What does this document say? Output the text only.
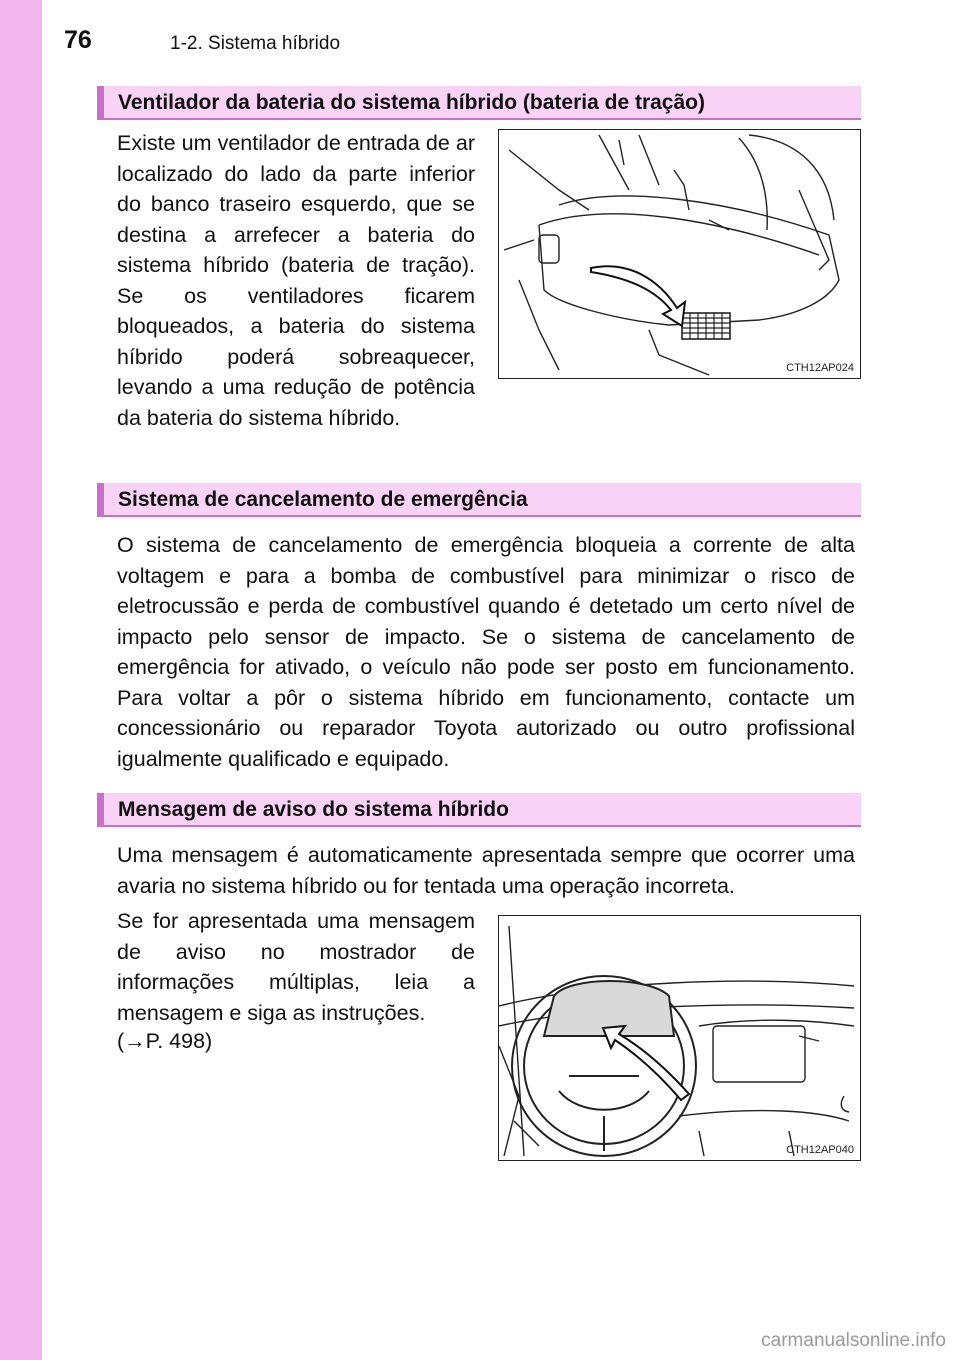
76	1-2. Sistema híbrido
Ventilador da bateria do sistema híbrido (bateria de tração)

Existe um ventilador de entrada de ar localizado do lado da parte inferior do banco traseiro esquerdo, que se destina a arrefecer a bateria do sistema híbrido (bateria de tração). Se os ventiladores ficarem bloqueados, a bateria do sistema híbrido poderá sobreaquecer, levando a uma redução de potência da bateria do sistema híbrido.

CTH12AP024
Sistema de cancelamento de emergência

O sistema de cancelamento de emergência bloqueia a corrente de alta voltagem e para a bomba de combustível para minimizar o risco de eletrocussão e perda de combustível quando é detetado um certo nível de impacto pelo sensor de impacto. Se o sistema de cancelamento de emergência for ativado, o veículo não pode ser posto em funcionamento. Para voltar a pôr o sistema híbrido em funcionamento, contacte um concessionário ou reparador Toyota autorizado ou outro profissional igualmente qualificado e equipado.

Mensagem de aviso do sistema híbrido

Uma mensagem é automaticamente apresentada sempre que ocorrer uma avaria no sistema híbrido ou for tentada uma operação incorreta.

Se for apresentada uma mensagem de aviso no mostrador de informações múltiplas, leia a mensagem e siga as instruções.

(→P. 498)

CTH12AP040
carmanualsonline.info
